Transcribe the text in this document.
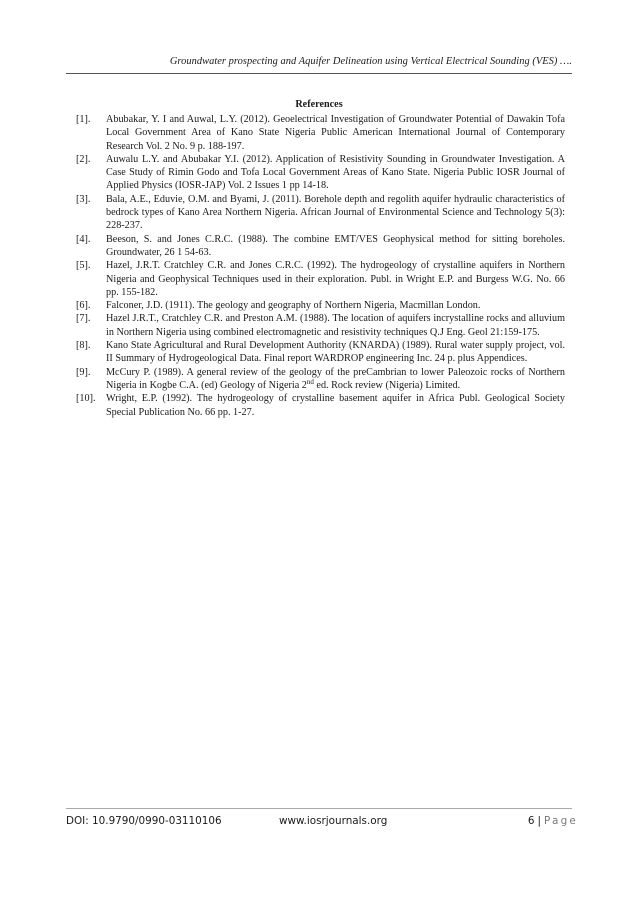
Groundwater prospecting and Aquifer Delineation using Vertical Electrical Sounding (VES) ….
References
[1].	Abubakar, Y. I and Auwal, L.Y. (2012). Geoelectrical Investigation of Groundwater Potential of Dawakin Tofa Local Government Area of Kano State Nigeria Public American International Journal of Contemporary Research Vol. 2 No. 9 p. 188-197.
[2].	Auwalu L.Y. and Abubakar Y.I. (2012). Application of Resistivity Sounding in Groundwater Investigation. A Case Study of Rimin Godo and Tofa Local Government Areas of Kano State. Nigeria Public IOSR Journal of Applied Physics (IOSR-JAP) Vol. 2 Issues 1 pp 14-18.
[3].	Bala, A.E., Eduvie, O.M. and Byami, J. (2011). Borehole depth and regolith aquifer hydraulic characteristics of bedrock types of Kano Area Northern Nigeria. African Journal of Environmental Science and Technology 5(3): 228-237.
[4].	Beeson, S. and Jones C.R.C. (1988). The combine EMT/VES Geophysical method for sitting boreholes. Groundwater, 26 1 54-63.
[5].	Hazel, J.R.T. Cratchley C.R. and Jones C.R.C. (1992). The hydrogeology of crystalline aquifers in Northern Nigeria and Geophysical Techniques used in their exploration. Publ. in Wright E.P. and Burgess W.G. No. 66 pp. 155-182.
[6].	Falconer, J.D. (1911). The geology and geography of Northern Nigeria, Macmillan London.
[7].	Hazel J.R.T., Cratchley C.R. and Preston A.M. (1988). The location of aquifers incrystalline rocks and alluvium in Northern Nigeria using combined electromagnetic and resistivity techniques Q.J Eng. Geol 21:159-175.
[8].	Kano State Agricultural and Rural Development Authority (KNARDA) (1989). Rural water supply project, vol. II Summary of Hydrogeological Data. Final report WARDROP engineering Inc. 24 p. plus Appendices.
[9].	McCury P. (1989). A general review of the geology of the preCambrian to lower Paleozoic rocks of Northern Nigeria in Kogbe C.A. (ed) Geology of Nigeria 2nd ed. Rock review (Nigeria) Limited.
[10].	Wright, E.P. (1992). The hydrogeology of crystalline basement aquifer in Africa Publ. Geological Society Special Publication No. 66 pp. 1-27.
DOI: 10.9790/0990-03110106	www.iosrjournals.org	6 | Page
